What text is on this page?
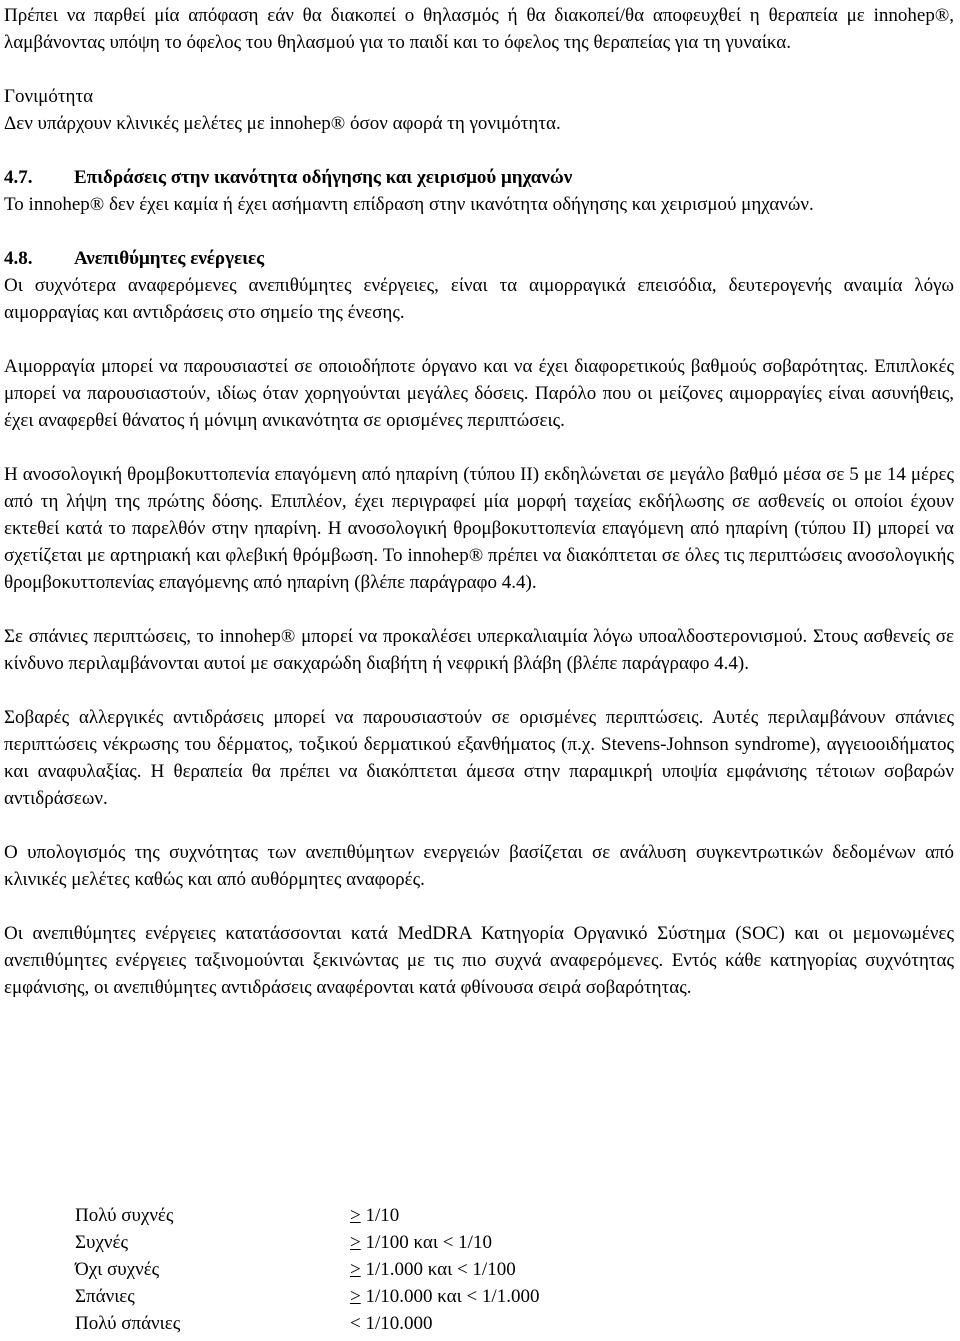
Πρέπει να παρθεί μία απόφαση εάν θα διακοπεί ο θηλασμός ή θα διακοπεί/θα αποφευχθεί η θεραπεία με innohep®, λαμβάνοντας υπόψη το όφελος του θηλασμού για το παιδί και το όφελος της θεραπείας για τη γυναίκα.

Γονιμότητα

Δεν υπάρχουν κλινικές μελέτες με innohep® όσον αφορά τη γονιμότητα.

4.7. Επιδράσεις στην ικανότητα οδήγησης και χειρισμού μηχανών

Το innohep® δεν έχει καμία ή έχει ασήμαντη επίδραση στην ικανότητα οδήγησης και χειρισμού μηχανών.

4.8. Ανεπιθύμητες ενέργειες

Οι συχνότερα αναφερόμενες ανεπιθύμητες ενέργειες, είναι τα αιμορραγικά επεισόδια, δευτερογενής αναιμία λόγω αιμορραγίας και αντιδράσεις στο σημείο της ένεσης.

Αιμορραγία μπορεί να παρουσιαστεί σε οποιοδήποτε όργανο και να έχει διαφορετικούς βαθμούς σοβαρότητας. Επιπλοκές μπορεί να παρουσιαστούν, ιδίως όταν χορηγούνται μεγάλες δόσεις. Παρόλο που οι μείζονες αιμορραγίες είναι ασυνήθεις, έχει αναφερθεί θάνατος ή μόνιμη ανικανότητα σε ορισμένες περιπτώσεις.

Η ανοσολογική θρομβοκυττοπενία επαγόμενη από ηπαρίνη (τύπου ΙΙ) εκδηλώνεται σε μεγάλο βαθμό μέσα σε 5 με 14 μέρες από τη λήψη της πρώτης δόσης. Επιπλέον, έχει περιγραφεί μία μορφή ταχείας εκδήλωσης σε ασθενείς οι οποίοι έχουν εκτεθεί κατά το παρελθόν στην ηπαρίνη. Η ανοσολογική θρομβοκυττοπενία επαγόμενη από ηπαρίνη (τύπου ΙΙ) μπορεί να σχετίζεται με αρτηριακή και φλεβική θρόμβωση. Το innohep® πρέπει να διακόπτεται σε όλες τις περιπτώσεις ανοσολογικής θρομβοκυττοπενίας επαγόμενης από ηπαρίνη (βλέπε παράγραφο 4.4).

Σε σπάνιες περιπτώσεις, το innohep® μπορεί να προκαλέσει υπερκαλιαιμία λόγω υποαλδοστερονισμού. Στους ασθενείς σε κίνδυνο περιλαμβάνονται αυτοί με σακχαρώδη διαβήτη ή νεφρική βλάβη (βλέπε παράγραφο 4.4).

Σοβαρές αλλεργικές αντιδράσεις μπορεί να παρουσιαστούν σε ορισμένες περιπτώσεις. Αυτές περιλαμβάνουν σπάνιες περιπτώσεις νέκρωσης του δέρματος, τοξικού δερματικού εξανθήματος (π.χ. Stevens-Johnson syndrome), αγγειοοιδήματος και αναφυλαξίας. Η θεραπεία θα πρέπει να διακόπτεται άμεσα στην παραμικρή υποψία εμφάνισης τέτοιων σοβαρών αντιδράσεων.

Ο υπολογισμός της συχνότητας των ανεπιθύμητων ενεργειών βασίζεται σε ανάλυση συγκεντρωτικών δεδομένων από κλινικές μελέτες καθώς και από αυθόρμητες αναφορές.

Οι ανεπιθύμητες ενέργειες κατατάσσονται κατά MedDRA Κατηγορία Οργανικό Σύστημα (SOC) και οι μεμονωμένες ανεπιθύμητες ενέργειες ταξινομούνται ξεκινώντας με τις πιο συχνά αναφερόμενες. Εντός κάθε κατηγορίας συχνότητας εμφάνισης, οι ανεπιθύμητες αντιδράσεις αναφέρονται κατά φθίνουσα σειρά σοβαρότητας.

Πολύ συχνές	> 1/10
Συχνές	> 1/100 και < 1/10
Όχι συχνές	> 1/1.000 και < 1/100
Σπάνιες	> 1/10.000 και < 1/1.000
Πολύ σπάνιες	< 1/10.000
